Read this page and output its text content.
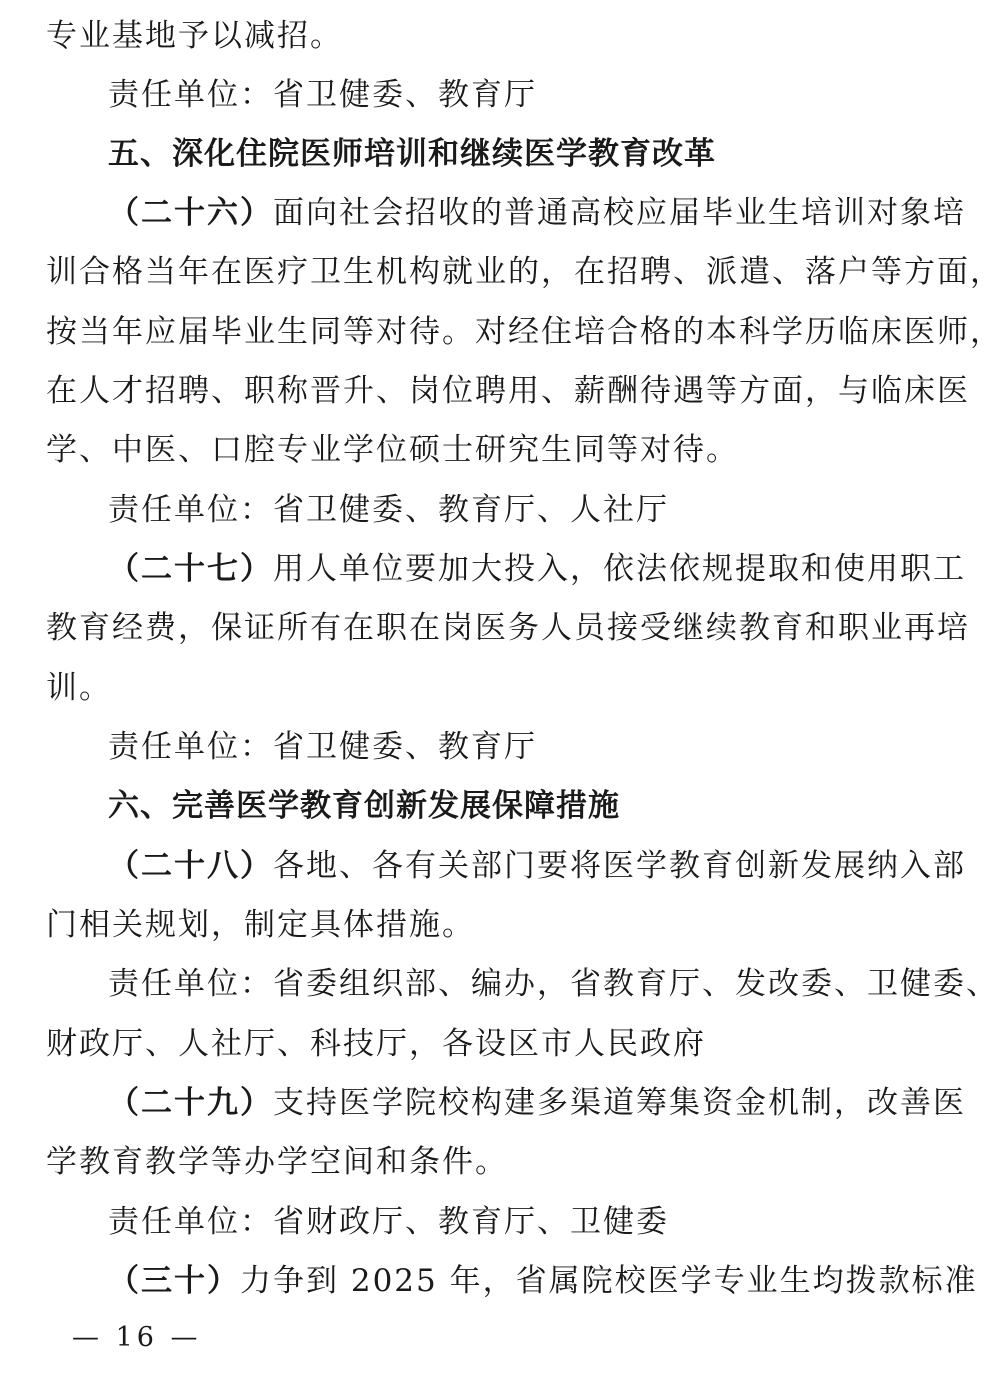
专业基地予以减招。
责任单位：省卫健委、教育厅
五、深化住院医师培训和继续医学教育改革
（二十六）面向社会招收的普通高校应届毕业生培训对象培
训合格当年在医疗卫生机构就业的，在招聘、派遣、落户等方面，
按当年应届毕业生同等对待。对经住培合格的本科学历临床医师，
在人才招聘、职称晋升、岗位聘用、薪酬待遇等方面，与临床医
学、中医、口腔专业学位硕士研究生同等对待。
责任单位：省卫健委、教育厅、人社厅
（二十七）用人单位要加大投入，依法依规提取和使用职工
教育经费，保证所有在职在岗医务人员接受继续教育和职业再培
训。
责任单位：省卫健委、教育厅
六、完善医学教育创新发展保障措施
（二十八）各地、各有关部门要将医学教育创新发展纳入部
门相关规划，制定具体措施。
责任单位：省委组织部、编办，省教育厅、发改委、卫健委、
财政厅、人社厅、科技厅，各设区市人民政府
（二十九）支持医学院校构建多渠道筹集资金机制，改善医
学教育教学等办学空间和条件。
责任单位：省财政厅、教育厅、卫健委
（三十）力争到 2025 年，省属院校医学专业生均拨款标准
— 16 —
